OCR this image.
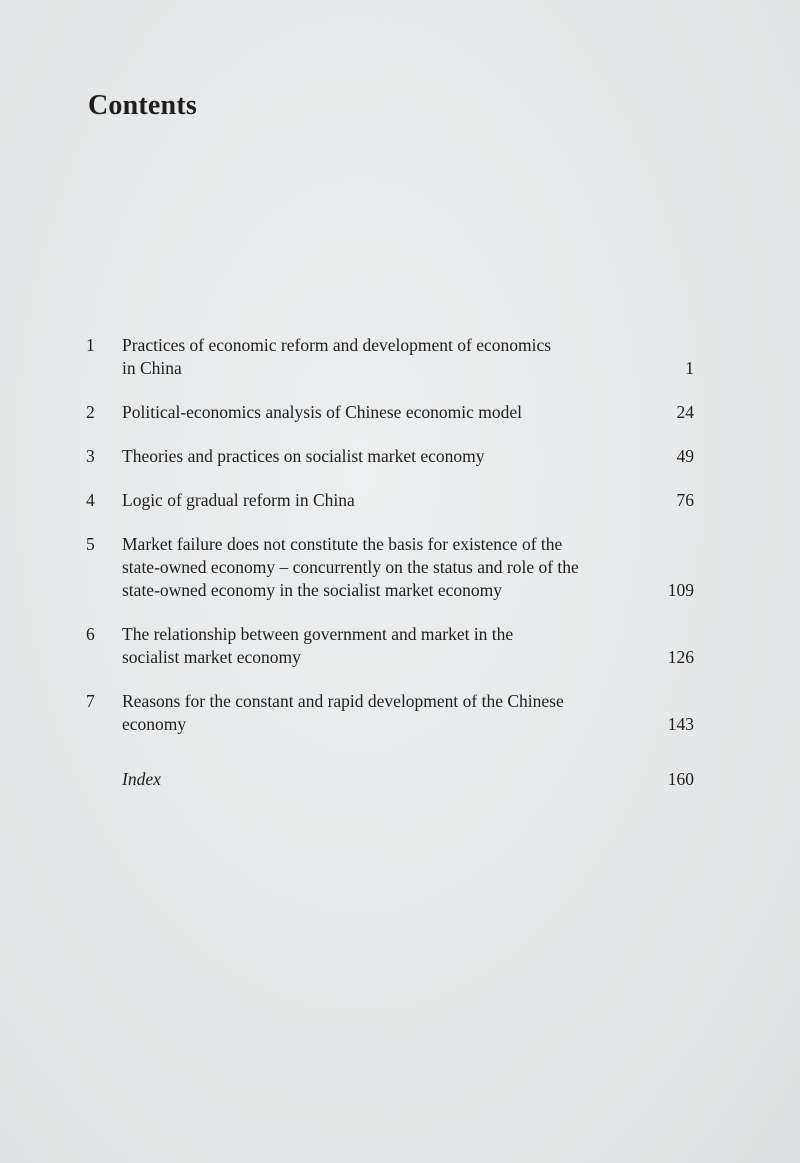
Contents
1	Practices of economic reform and development of economics in China	1
2	Political-economics analysis of Chinese economic model	24
3	Theories and practices on socialist market economy	49
4	Logic of gradual reform in China	76
5	Market failure does not constitute the basis for existence of the state-owned economy – concurrently on the status and role of the state-owned economy in the socialist market economy	109
6	The relationship between government and market in the socialist market economy	126
7	Reasons for the constant and rapid development of the Chinese economy	143
Index	160
